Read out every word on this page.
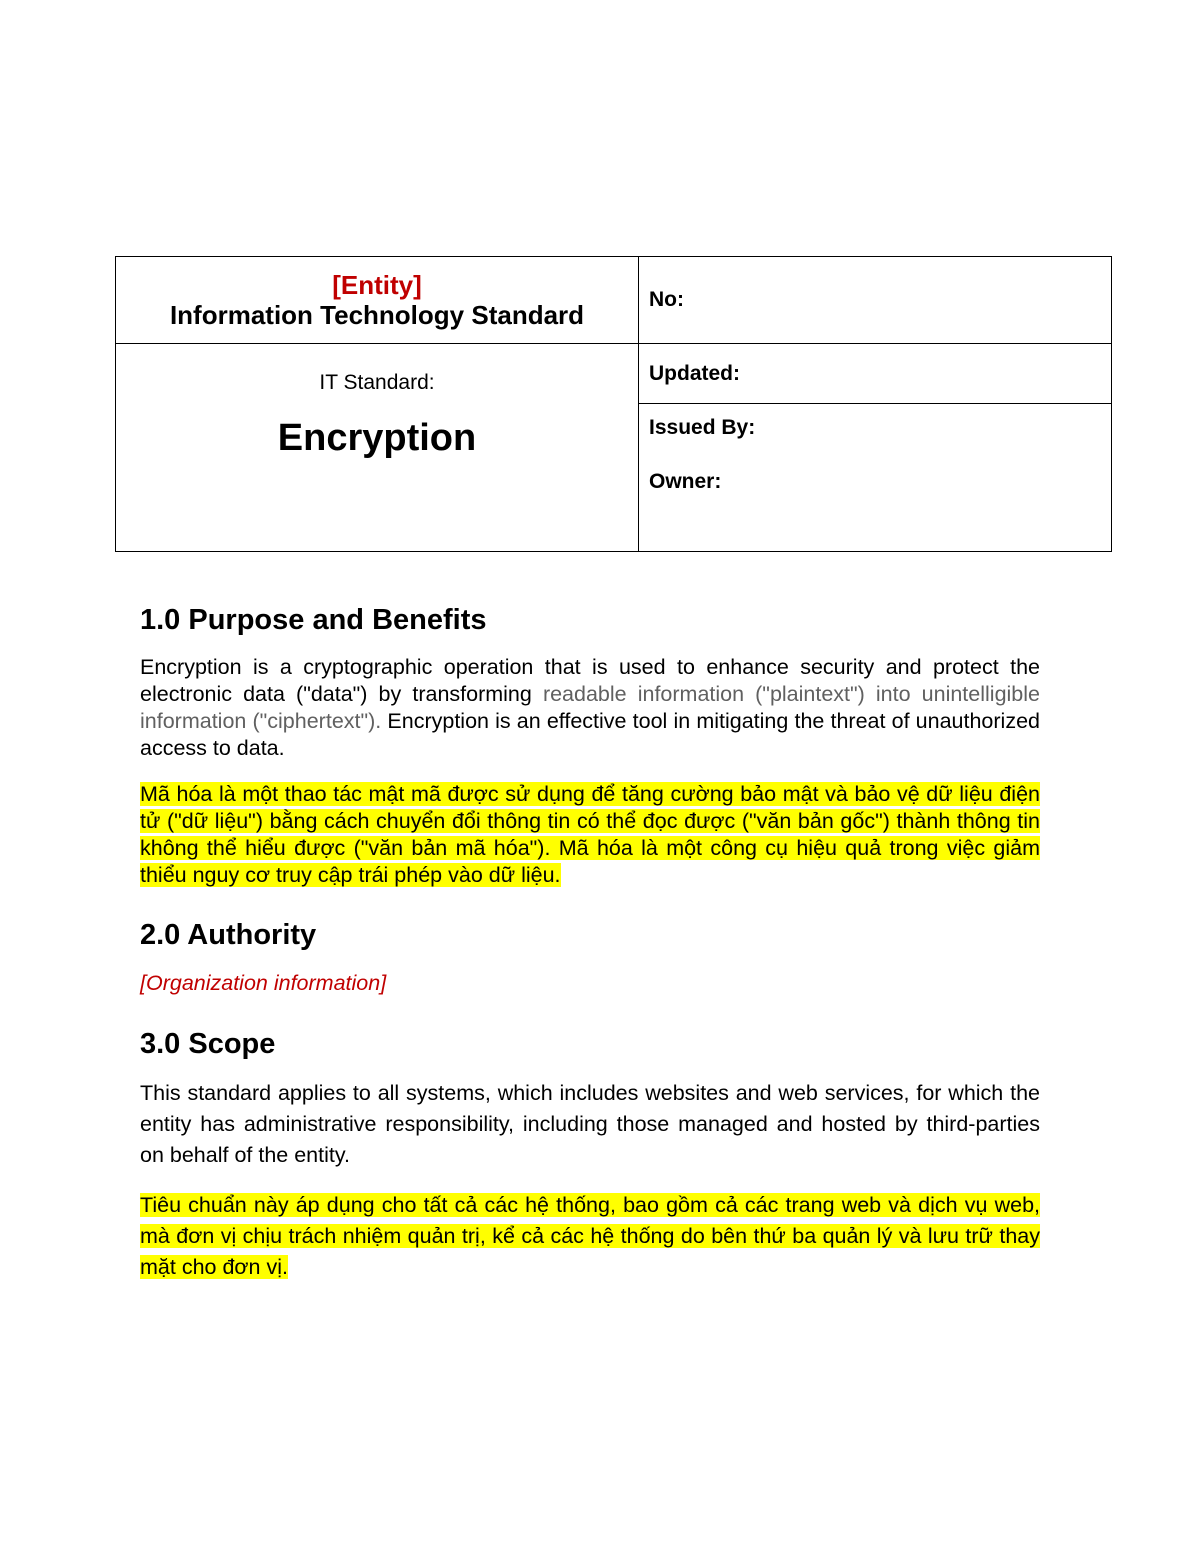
[Entity]
Information Technology Standard	No:

IT Standard:
Encryption	Updated:

	Issued By:
Owner:
1.0 Purpose and Benefits

Encryption is a cryptographic operation that is used to enhance security and protect the electronic data ("data") by transforming readable information ("plaintext") into unintelligible information ("ciphertext"). Encryption is an effective tool in mitigating the threat of unauthorized access to data.

Mã hóa là một thao tác mật mã được sử dụng để tăng cường bảo mật và bảo vệ dữ liệu điện tử ("dữ liệu") bằng cách chuyển đổi thông tin có thể đọc được ("văn bản gốc") thành thông tin không thể hiểu được ("văn bản mã hóa"). Mã hóa là một công cụ hiệu quả trong việc giảm thiểu nguy cơ truy cập trái phép vào dữ liệu.

2.0 Authority

[Organization information]

3.0 Scope

This standard applies to all systems, which includes websites and web services, for which the entity has administrative responsibility, including those managed and hosted by third-parties on behalf of the entity.

Tiêu chuẩn này áp dụng cho tất cả các hệ thống, bao gồm cả các trang web và dịch vụ web, mà đơn vị chịu trách nhiệm quản trị, kể cả các hệ thống do bên thứ ba quản lý và lưu trữ thay mặt cho đơn vị.
